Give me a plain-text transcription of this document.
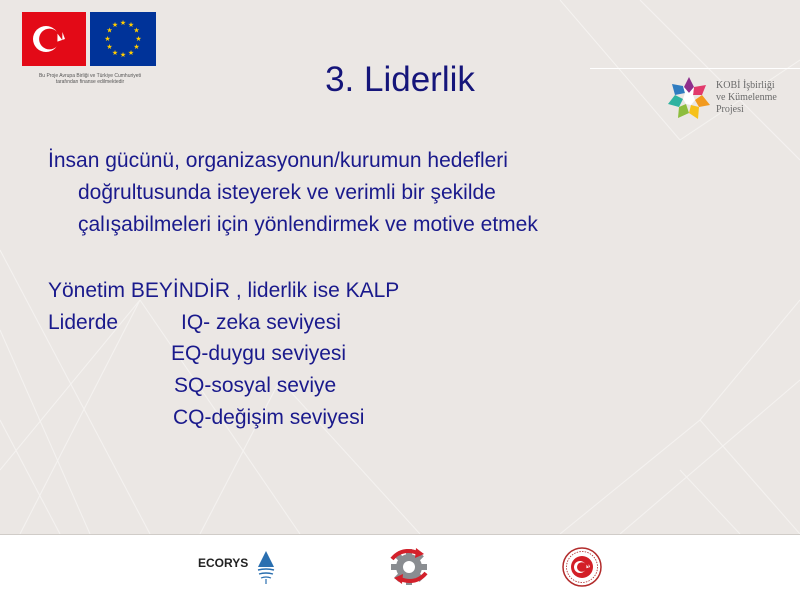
★ ★
★
★
★
★
★
★
★
★
★
★
Bu Proje Avrupa Birliği ve Türkiye Cumhuriyeti tarafından finanse edilmektedir	3. Liderlik	KOBİ İşbirliği
ve Kümelenme
Projesi
İnsan gücünü, organizasyonun/kurumun hedefleri
doğrultusunda isteyerek ve verimli bir şekilde
çalışabilmeleri için yönlendirmek ve motive etmek
Yönetim BEYİNDİR , liderlik ise KALP
Liderde	IQ- zeka seviyesi
EQ-duygu seviyesi
SQ-sosyal seviye
CQ-değişim seviyesi
ECORYS
